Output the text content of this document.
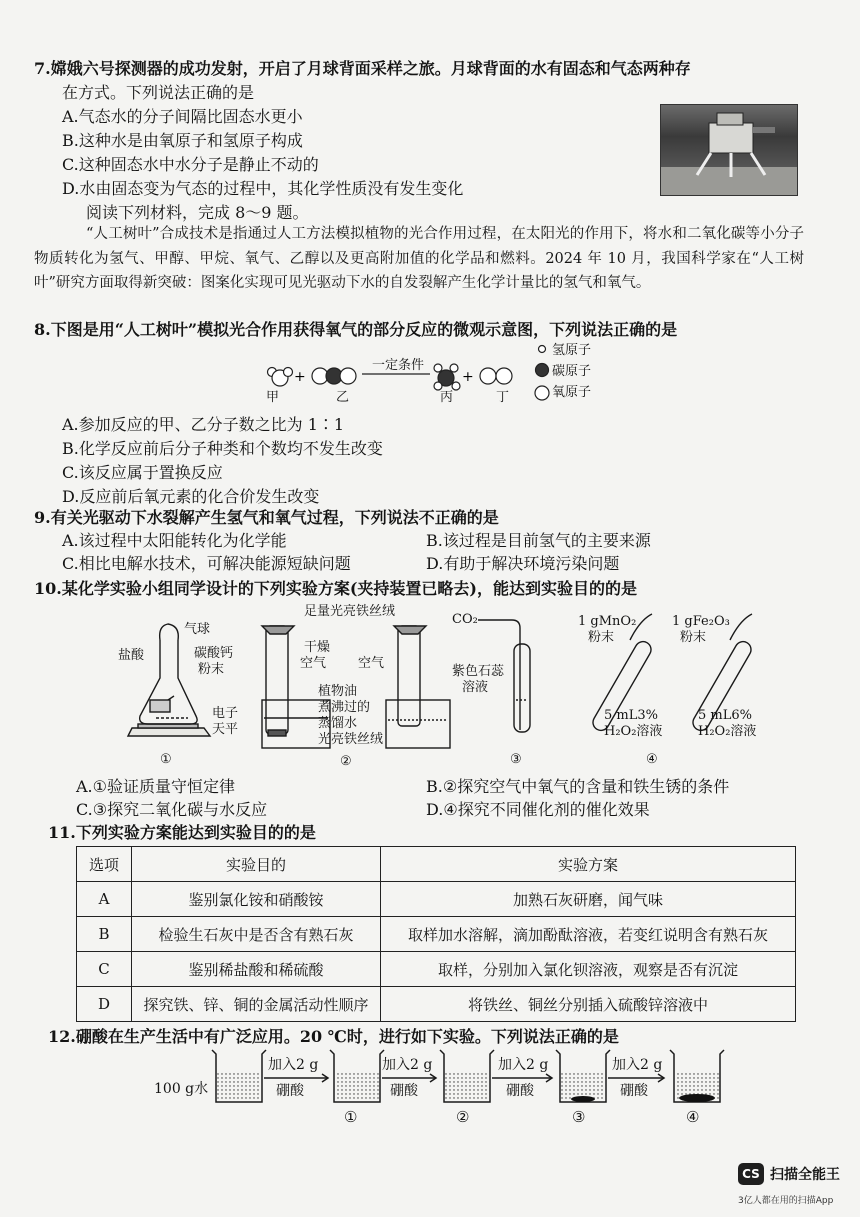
7.嫦娥六号探测器的成功发射，开启了月球背面采样之旅。月球背面的水有固态和气态两种存
在方式。下列说法正确的是
A.气态水的分子间隔比固态水更小
B.这种水是由氧原子和氢原子构成
C.这种固态水中水分子是静止不动的
D.水由固态变为气态的过程中，其化学性质没有发生变化
阅读下列材料，完成 8～9 题。
“人工树叶”合成技术是指通过人工方法模拟植物的光合作用过程，在太阳光的作用下，将水和二氧化碳等小分子物质转化为氢气、甲醇、甲烷、氧气、乙醇以及更高附加值的化学品和燃料。2024 年 10 月，我国科学家在“人工树叶”研究方面取得新突破：图案化实现可见光驱动下水的自发裂解产生化学计量比的氢气和氧气。
8.下图是用“人工树叶”模拟光合作用获得氧气的部分反应的微观示意图，下列说法正确的是
+	+
一定条件
甲	乙	丙	丁
氢原子
碳原子
氧原子
A.参加反应的甲、乙分子数之比为 1∶1
B.化学反应前后分子种类和个数均不发生改变
C.该反应属于置换反应
D.反应前后氧元素的化合价发生改变
9.有关光驱动下水裂解产生氢气和氧气过程，下列说法不正确的是
A.该过程中太阳能转化为化学能	B.该过程是目前氢气的主要来源
C.相比电解水技术，可解决能源短缺问题	D.有助于解决环境污染问题
10.某化学实验小组同学设计的下列实验方案(夹持装置已略去)，能达到实验目的的是
气球
盐酸	碳酸钙
粉末
电子
天平
①
足量光亮铁丝绒
干燥
空气 空气
植物油
煮沸过的
蒸馏水
光亮铁丝绒
②
CO₂
紫色石蕊
溶液
③
1 gMnO₂
粉末
1 gFe₂O₃
粉末
5 mL3%
H₂O₂溶液
5 mL6%
H₂O₂溶液
④
A.①验证质量守恒定律	B.②探究空气中氧气的含量和铁生锈的条件
C.③探究二氧化碳与水反应	D.④探究不同催化剂的催化效果
11.下列实验方案能达到实验目的的是
选项	实验目的	实验方案
A	鉴别氯化铵和硝酸铵	加熟石灰研磨，闻气味
B	检验生石灰中是否含有熟石灰	取样加水溶解，滴加酚酞溶液，若变红说明含有熟石灰
C	鉴别稀盐酸和稀硫酸	取样，分别加入氯化钡溶液，观察是否有沉淀
D	探究铁、锌、铜的金属活动性顺序	将铁丝、铜丝分别插入硫酸锌溶液中
12.硼酸在生产生活中有广泛应用。20 ℃时，进行如下实验。下列说法正确的是
100 g水
加入2 g
硼酸
加入2 g
硼酸
加入2 g
硼酸
加入2 g
硼酸
①	②	③	④
CS 扫描全能王
3亿人都在用的扫描App
